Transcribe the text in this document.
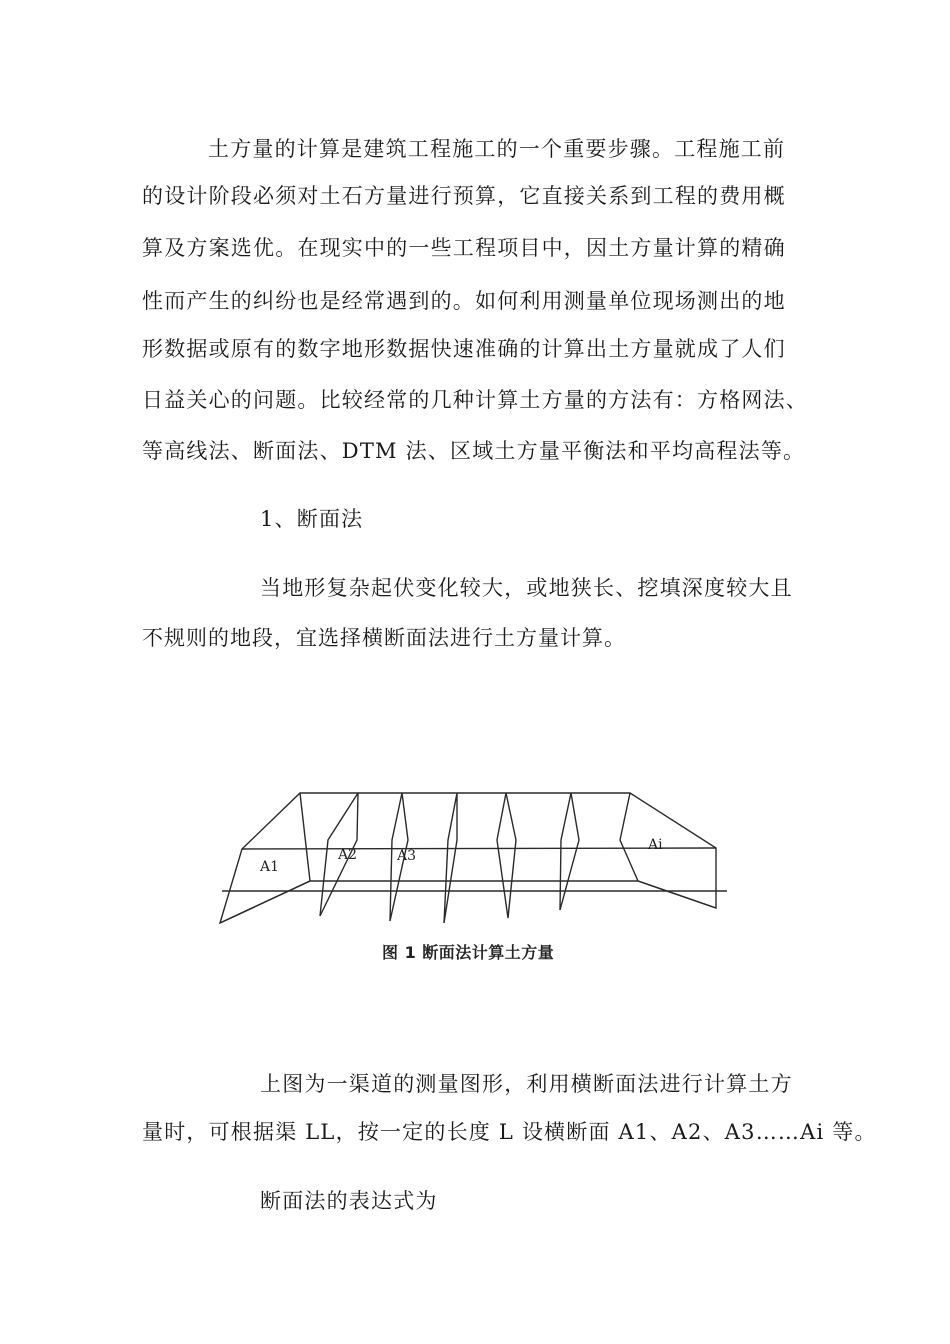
土方量的计算是建筑工程施工的一个重要步骤。工程施工前
的设计阶段必须对土石方量进行预算，它直接关系到工程的费用概
算及方案选优。在现实中的一些工程项目中，因土方量计算的精确
性而产生的纠纷也是经常遇到的。如何利用测量单位现场测出的地
形数据或原有的数字地形数据快速准确的计算出土方量就成了人们
日益关心的问题。比较经常的几种计算土方量的方法有：方格网法、
等高线法、断面法、DTM 法、区域土方量平衡法和平均高程法等。
1、断面法
当地形复杂起伏变化较大，或地狭长、挖填深度较大且
不规则的地段，宜选择横断面法进行土方量计算。
A1
A2	A3
Ai
图 1 断面法计算土方量
上图为一渠道的测量图形，利用横断面法进行计算土方
量时，可根据渠 LL，按一定的长度 L 设横断面 A1、A2、A3……Ai 等。
断面法的表达式为
